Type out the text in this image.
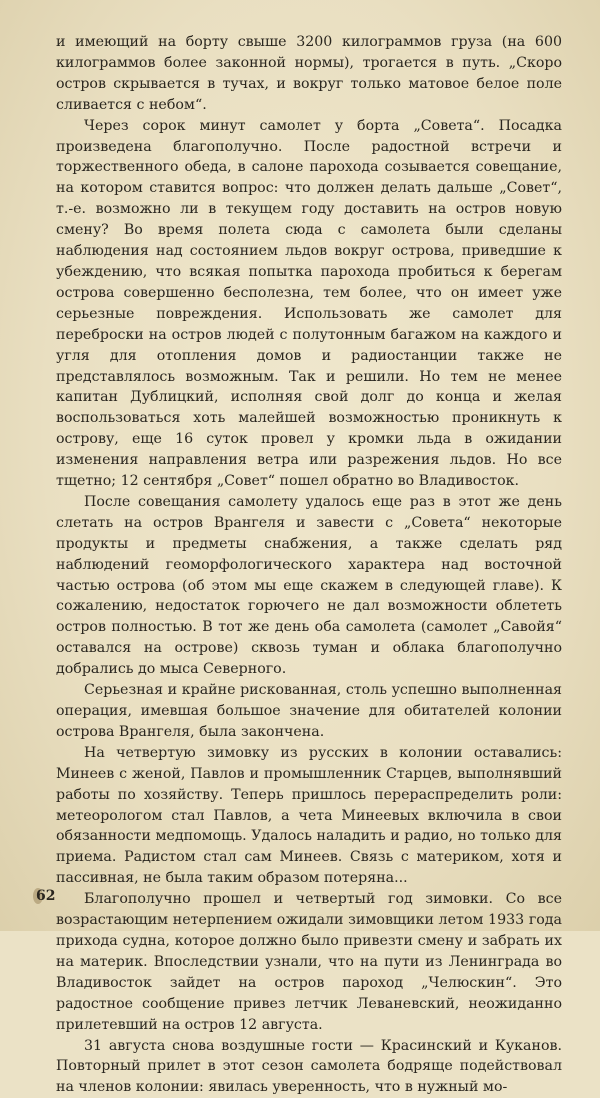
и имеющий на борту свыше 3200 килограммов груза (на 600 килограммов более законной нормы), трогается в путь. „Скоро остров скрывается в тучах, и вокруг только матовое белое поле сливается с небом“.

Через сорок минут самолет у борта „Совета“. Посадка произведена благополучно. После радостной встречи и торжественного обеда, в салоне парохода созывается совещание, на котором ставится вопрос: что должен делать дальше „Совет“, т.-е. возможно ли в текущем году доставить на остров новую смену? Во время полета сюда с самолета были сделаны наблюдения над состоянием льдов вокруг острова, приведшие к убеждению, что всякая попытка парохода пробиться к берегам острова совершенно бесполезна, тем более, что он имеет уже серьезные повреждения. Использовать же самолет для переброски на остров людей с полутонным багажом на каждого и угля для отопления домов и радиостанции также не представлялось возможным. Так и решили. Но тем не менее капитан Дублицкий, исполняя свой долг до конца и желая воспользоваться хоть малейшей возможностью проникнуть к острову, еще 16 суток провел у кромки льда в ожидании изменения направления ветра или разрежения льдов. Но все тщетно; 12 сентября „Совет“ пошел обратно во Владивосток.

После совещания самолету удалось еще раз в этот же день слетать на остров Врангеля и завести с „Совета“ некоторые продукты и предметы снабжения, а также сделать ряд наблюдений геоморфологического характера над восточной частью острова (об этом мы еще скажем в следующей главе). К сожалению, недостаток горючего не дал возможности облететь остров полностью. В тот же день оба самолета (самолет „Савойя“ оставался на острове) сквозь туман и облака благополучно добрались до мыса Северного.

Серьезная и крайне рискованная, столь успешно выполненная операция, имевшая большое значение для обитателей колонии острова Врангеля, была закончена.

На четвертую зимовку из русских в колонии оставались: Минеев с женой, Павлов и промышленник Старцев, выполнявший работы по хозяйству. Теперь пришлось перераспределить роли: метеорологом стал Павлов, а чета Минеевых включила в свои обязанности медпомощь. Удалось наладить и радио, но только для приема. Радистом стал сам Минеев. Связь с материком, хотя и пассивная, не была таким образом потеряна...

Благополучно прошел и четвертый год зимовки. Со все возрастающим нетерпением ожидали зимовщики летом 1933 года прихода судна, которое должно было привезти смену и забрать их на материк. Впоследствии узнали, что на пути из Ленинграда во Владивосток зайдет на остров пароход „Челюскин“. Это радостное сообщение привез летчик Леваневский, неожиданно прилетевший на остров 12 августа.

31 августа снова воздушные гости — Красинский и Куканов. Повторный прилет в этот сезон самолета бодряще подействовал на членов колонии: явилась уверенность, что в нужный мо-

62
